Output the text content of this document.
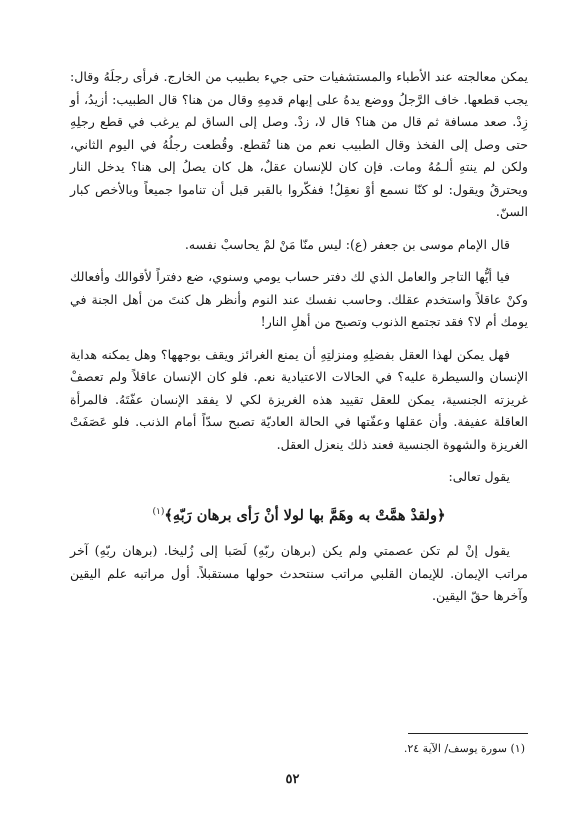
يمكن معالجته عند الأطباء والمستشفيات حتى جيء بطبيب من الخارج. فرأى رجلَهُ وقال: يجب قطعها. خاف الرَّجلُ ووضع يدهُ على إبهام قدمِهِ وقال من هنا؟ قال الطبيب: أزيدُ، أو زِدْ. صعد مسافة ثم قال من هنا؟ قال لا، زدْ. وصل إلى الساق لم يرغب في قطع رجلِهِ حتى وصل إلى الفخذ وقال الطبيب نعم من هنا تُقطع. وقُطعت رجلُهُ في اليوم الثاني، ولكن لم ينتهِ ألـمُهُ ومات. فإن كان للإنسان عقلٌ، هل كان يصلُ إلى هنا؟ يدخل النار ويحترقُ ويقول: لو كنّا نسمع أوْ نعقِلُ! ففكّروا بالقبر قبل أن تناموا جميعاً وبالأخص كبار السنّ.

قال الإمام موسى بن جعفر (ع): ليس منّا مَنْ لمْ يحاسبْ نفسه.

فيا أيُّها التاجر والعامل الذي لك دفتر حساب يومي وسنوي، ضع دفتراً لأقوالك وأفعالك وكنْ عاقلاً واستخدم عقلك. وحاسب نفسك عند النوم وأنظر هل كنتَ من أهل الجنة في يومك أم لا؟ فقد تجتمع الذنوب وتصبح من أهلِ النار!

فهل يمكن لهذا العقل بفضلِهِ ومنزلتِهِ أن يمنع الغرائز ويقف بوجهها؟ وهل يمكنه هداية الإنسان والسيطرة عليه؟ في الحالات الاعتيادية نعم. فلو كان الإنسان عاقلاً ولم تعصفْ غريزته الجنسية، يمكن للعقل تقييد هذه الغريزة لكي لا يفقد الإنسان عفّتَهُ. فالمرأة العاقلة عفيفة. وأن عقلها وعفّتها في الحالة العاديّة تصبح سدّاً أمام الذنب. فلو عَصَفَتْ الغريزة والشهوة الجنسية فعند ذلك ينعزل العقل.

يقول تعالى:

﴿ولقدْ همَّتْ به وهَمَّ بها لولا أنْ رَأى برهان رَبّهِ﴾$^{(١)}$

يقول إنْ لم تكن عصمتي ولم يكن (برهان ربّهِ) لَصَبا إلى زُليخا. (برهان ربّهِ) آخر مراتب الإيمان. للإيمان القلبي مراتب سنتحدث حولها مستقبلاً. أول مراتبه علم اليقين وآخرها حقّ اليقين.

(١) سورة يوسف/ الآية ٢٤.
٥٢
